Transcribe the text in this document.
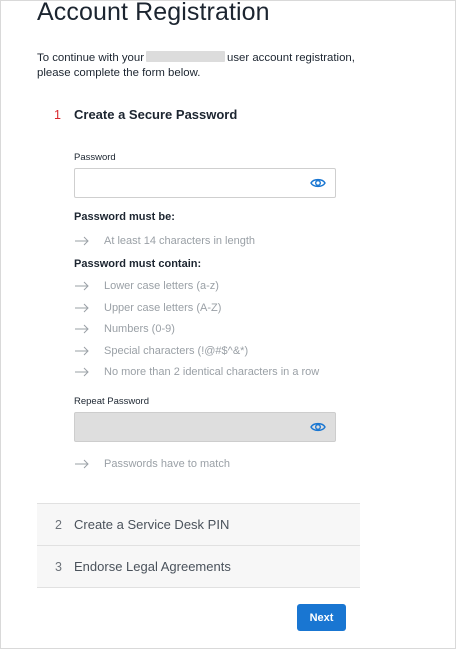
Account Registration

To continue with your	user account registration,
please complete the form below.

1 Create a Secure Password
Password
Password must be:
At least 14 characters in length
Password must contain:
Lower case letters (a-z)
Upper case letters (A-Z)
Numbers (0-9)
Special characters (!@#$^&*)
No more than 2 identical characters in a row
Repeat Password
Passwords have to match
2 Create a Service Desk PIN
3 Endorse Legal Agreements
Next
